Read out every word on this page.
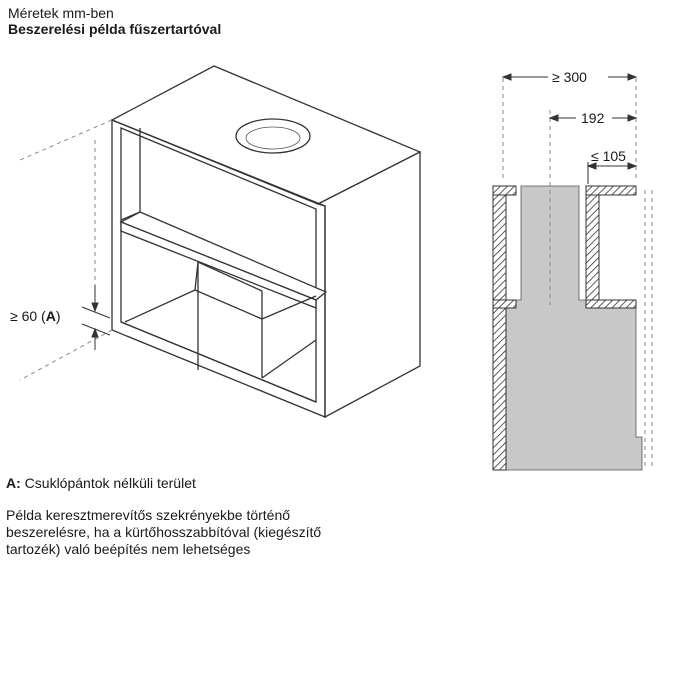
Méretek mm-ben
Beszerelési példa fűszertartóval
≥ 60 (A)
≥ 300
192
≤ 105
A: Csuklópántok nélküli terület
Példa keresztmerevítős szekrényekbe történő
beszerelésre, ha a kürtőhosszabbítóval (kiegészítő
tartozék) való beépítés nem lehetséges
